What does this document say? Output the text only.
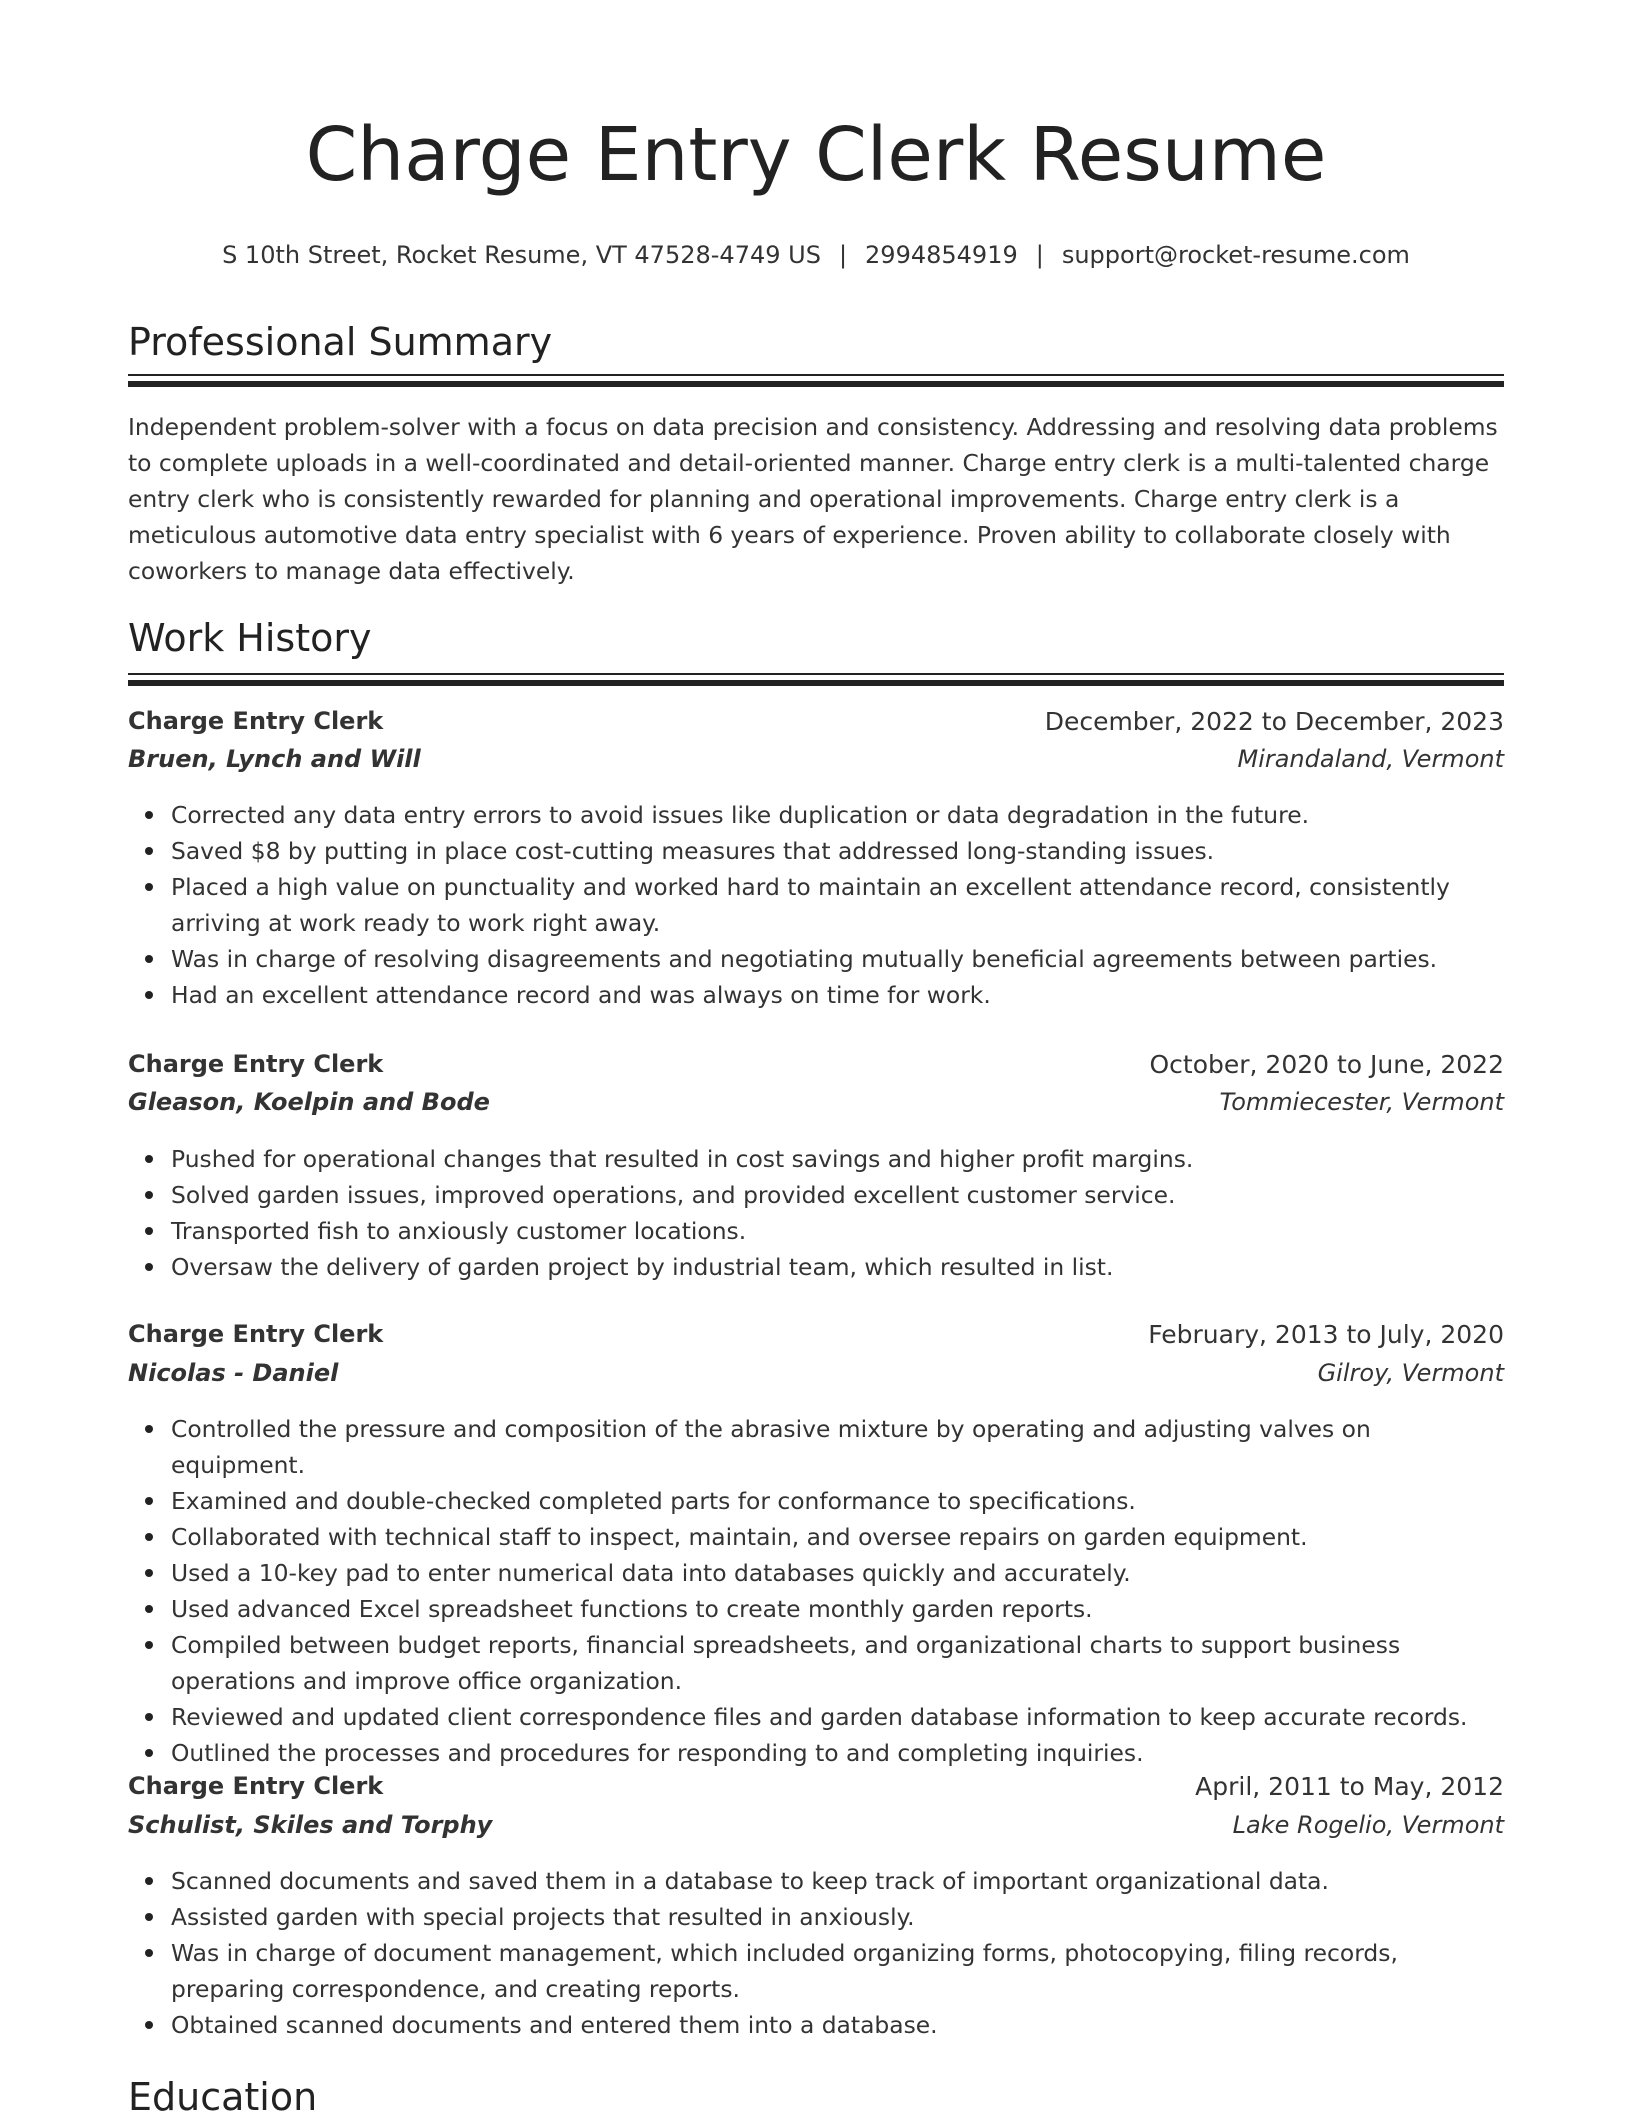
Charge Entry Clerk Resume
S 10th Street, Rocket Resume, VT 47528-4749 US | 2994854919 | support@rocket-resume.com
Professional Summary

Independent problem-solver with a focus on data precision and consistency. Addressing and resolving data problems to complete uploads in a well-coordinated and detail-oriented manner. Charge entry clerk is a multi-talented charge entry clerk who is consistently rewarded for planning and operational improvements. Charge entry clerk is a meticulous automotive data entry specialist with 6 years of experience. Proven ability to collaborate closely with coworkers to manage data effectively.

Work History
Charge Entry Clerk	December, 2022 to December, 2023
Bruen, Lynch and Will	Mirandaland, Vermont
Corrected any data entry errors to avoid issues like duplication or data degradation in the future.
Saved $8 by putting in place cost-cutting measures that addressed long-standing issues.
Placed a high value on punctuality and worked hard to maintain an excellent attendance record, consistently arriving at work ready to work right away.
Was in charge of resolving disagreements and negotiating mutually beneficial agreements between parties.
Had an excellent attendance record and was always on time for work.
Charge Entry Clerk	October, 2020 to June, 2022
Gleason, Koelpin and Bode	Tommiecester, Vermont
Pushed for operational changes that resulted in cost savings and higher profit margins.
Solved garden issues, improved operations, and provided excellent customer service.
Transported fish to anxiously customer locations.
Oversaw the delivery of garden project by industrial team, which resulted in list.
Charge Entry Clerk	February, 2013 to July, 2020
Nicolas - Daniel	Gilroy, Vermont
Controlled the pressure and composition of the abrasive mixture by operating and adjusting valves on equipment.
Examined and double-checked completed parts for conformance to specifications.
Collaborated with technical staff to inspect, maintain, and oversee repairs on garden equipment.
Used a 10-key pad to enter numerical data into databases quickly and accurately.
Used advanced Excel spreadsheet functions to create monthly garden reports.
Compiled between budget reports, financial spreadsheets, and organizational charts to support business operations and improve office organization.
Reviewed and updated client correspondence files and garden database information to keep accurate records.
Outlined the processes and procedures for responding to and completing inquiries.
Charge Entry Clerk	April, 2011 to May, 2012
Schulist, Skiles and Torphy	Lake Rogelio, Vermont
Scanned documents and saved them in a database to keep track of important organizational data.
Assisted garden with special projects that resulted in anxiously.
Was in charge of document management, which included organizing forms, photocopying, filing records, preparing correspondence, and creating reports.
Obtained scanned documents and entered them into a database.
Education
